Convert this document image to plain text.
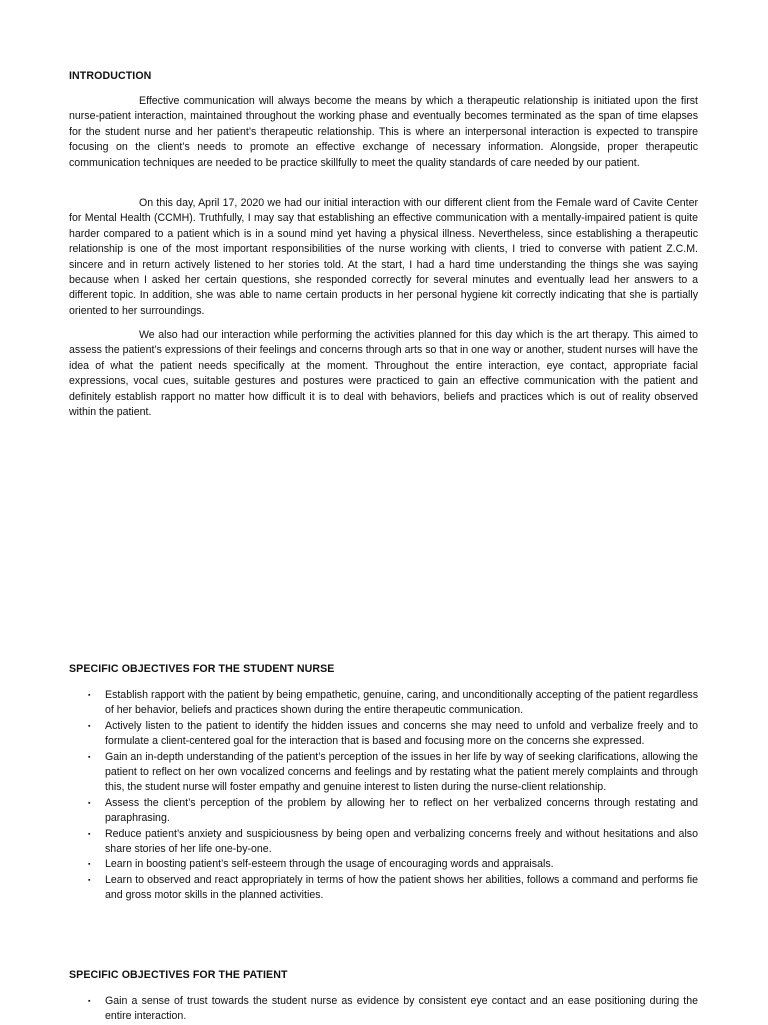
INTRODUCTION

Effective communication will always become the means by which a therapeutic relationship is initiated upon the first nurse-patient interaction, maintained throughout the working phase and eventually becomes terminated as the span of time elapses for the student nurse and her patient’s therapeutic relationship. This is where an interpersonal interaction is expected to transpire focusing on the client’s needs to promote an effective exchange of necessary information. Alongside, proper therapeutic communication techniques are needed to be practice skillfully to meet the quality standards of care needed by our patient.

On this day, April 17, 2020 we had our initial interaction with our different client from the Female ward of Cavite Center for Mental Health (CCMH). Truthfully, I may say that establishing an effective communication with a mentally-impaired patient is quite harder compared to a patient which is in a sound mind yet having a physical illness. Nevertheless, since establishing a therapeutic relationship is one of the most important responsibilities of the nurse working with clients, I tried to converse with patient Z.C.M. sincere and in return actively listened to her stories told. At the start, I had a hard time understanding the things she was saying because when I asked her certain questions, she responded correctly for several minutes and eventually lead her answers to a different topic. In addition, she was able to name certain products in her personal hygiene kit correctly indicating that she is partially oriented to her surroundings.

We also had our interaction while performing the activities planned for this day which is the art therapy. This aimed to assess the patient’s expressions of their feelings and concerns through arts so that in one way or another, student nurses will have the idea of what the patient needs specifically at the moment. Throughout the entire interaction, eye contact, appropriate facial expressions, vocal cues, suitable gestures and postures were practiced to gain an effective communication with the patient and definitely establish rapport no matter how difficult it is to deal with behaviors, beliefs and practices which is out of reality observed within the patient.

SPECIFIC OBJECTIVES FOR THE STUDENT NURSE
▪ Establish rapport with the patient by being empathetic, genuine, caring, and unconditionally accepting of the patient regardless of her behavior, beliefs and practices shown during the entire therapeutic communication.
▪ Actively listen to the patient to identify the hidden issues and concerns she may need to unfold and verbalize freely and to formulate a client-centered goal for the interaction that is based and focusing more on the concerns she expressed.
▪ Gain an in-depth understanding of the patient’s perception of the issues in her life by way of seeking clarifications, allowing the patient to reflect on her own vocalized concerns and feelings and by restating what the patient merely complaints and through this, the student nurse will foster empathy and genuine interest to listen during the nurse-client relationship.
▪ Assess the client’s perception of the problem by allowing her to reflect on her verbalized concerns through restating and paraphrasing.
▪ Reduce patient’s anxiety and suspiciousness by being open and verbalizing concerns freely and without hesitations and also share stories of her life one-by-one.
▪ Learn in boosting patient’s self-esteem through the usage of encouraging words and appraisals.
▪ Learn to observed and react appropriately in terms of how the patient shows her abilities, follows a command and performs fie and gross motor skills in the planned activities.
SPECIFIC OBJECTIVES FOR THE PATIENT
▪ Gain a sense of trust towards the student nurse as evidence by consistent eye contact and an ease positioning during the entire interaction.
